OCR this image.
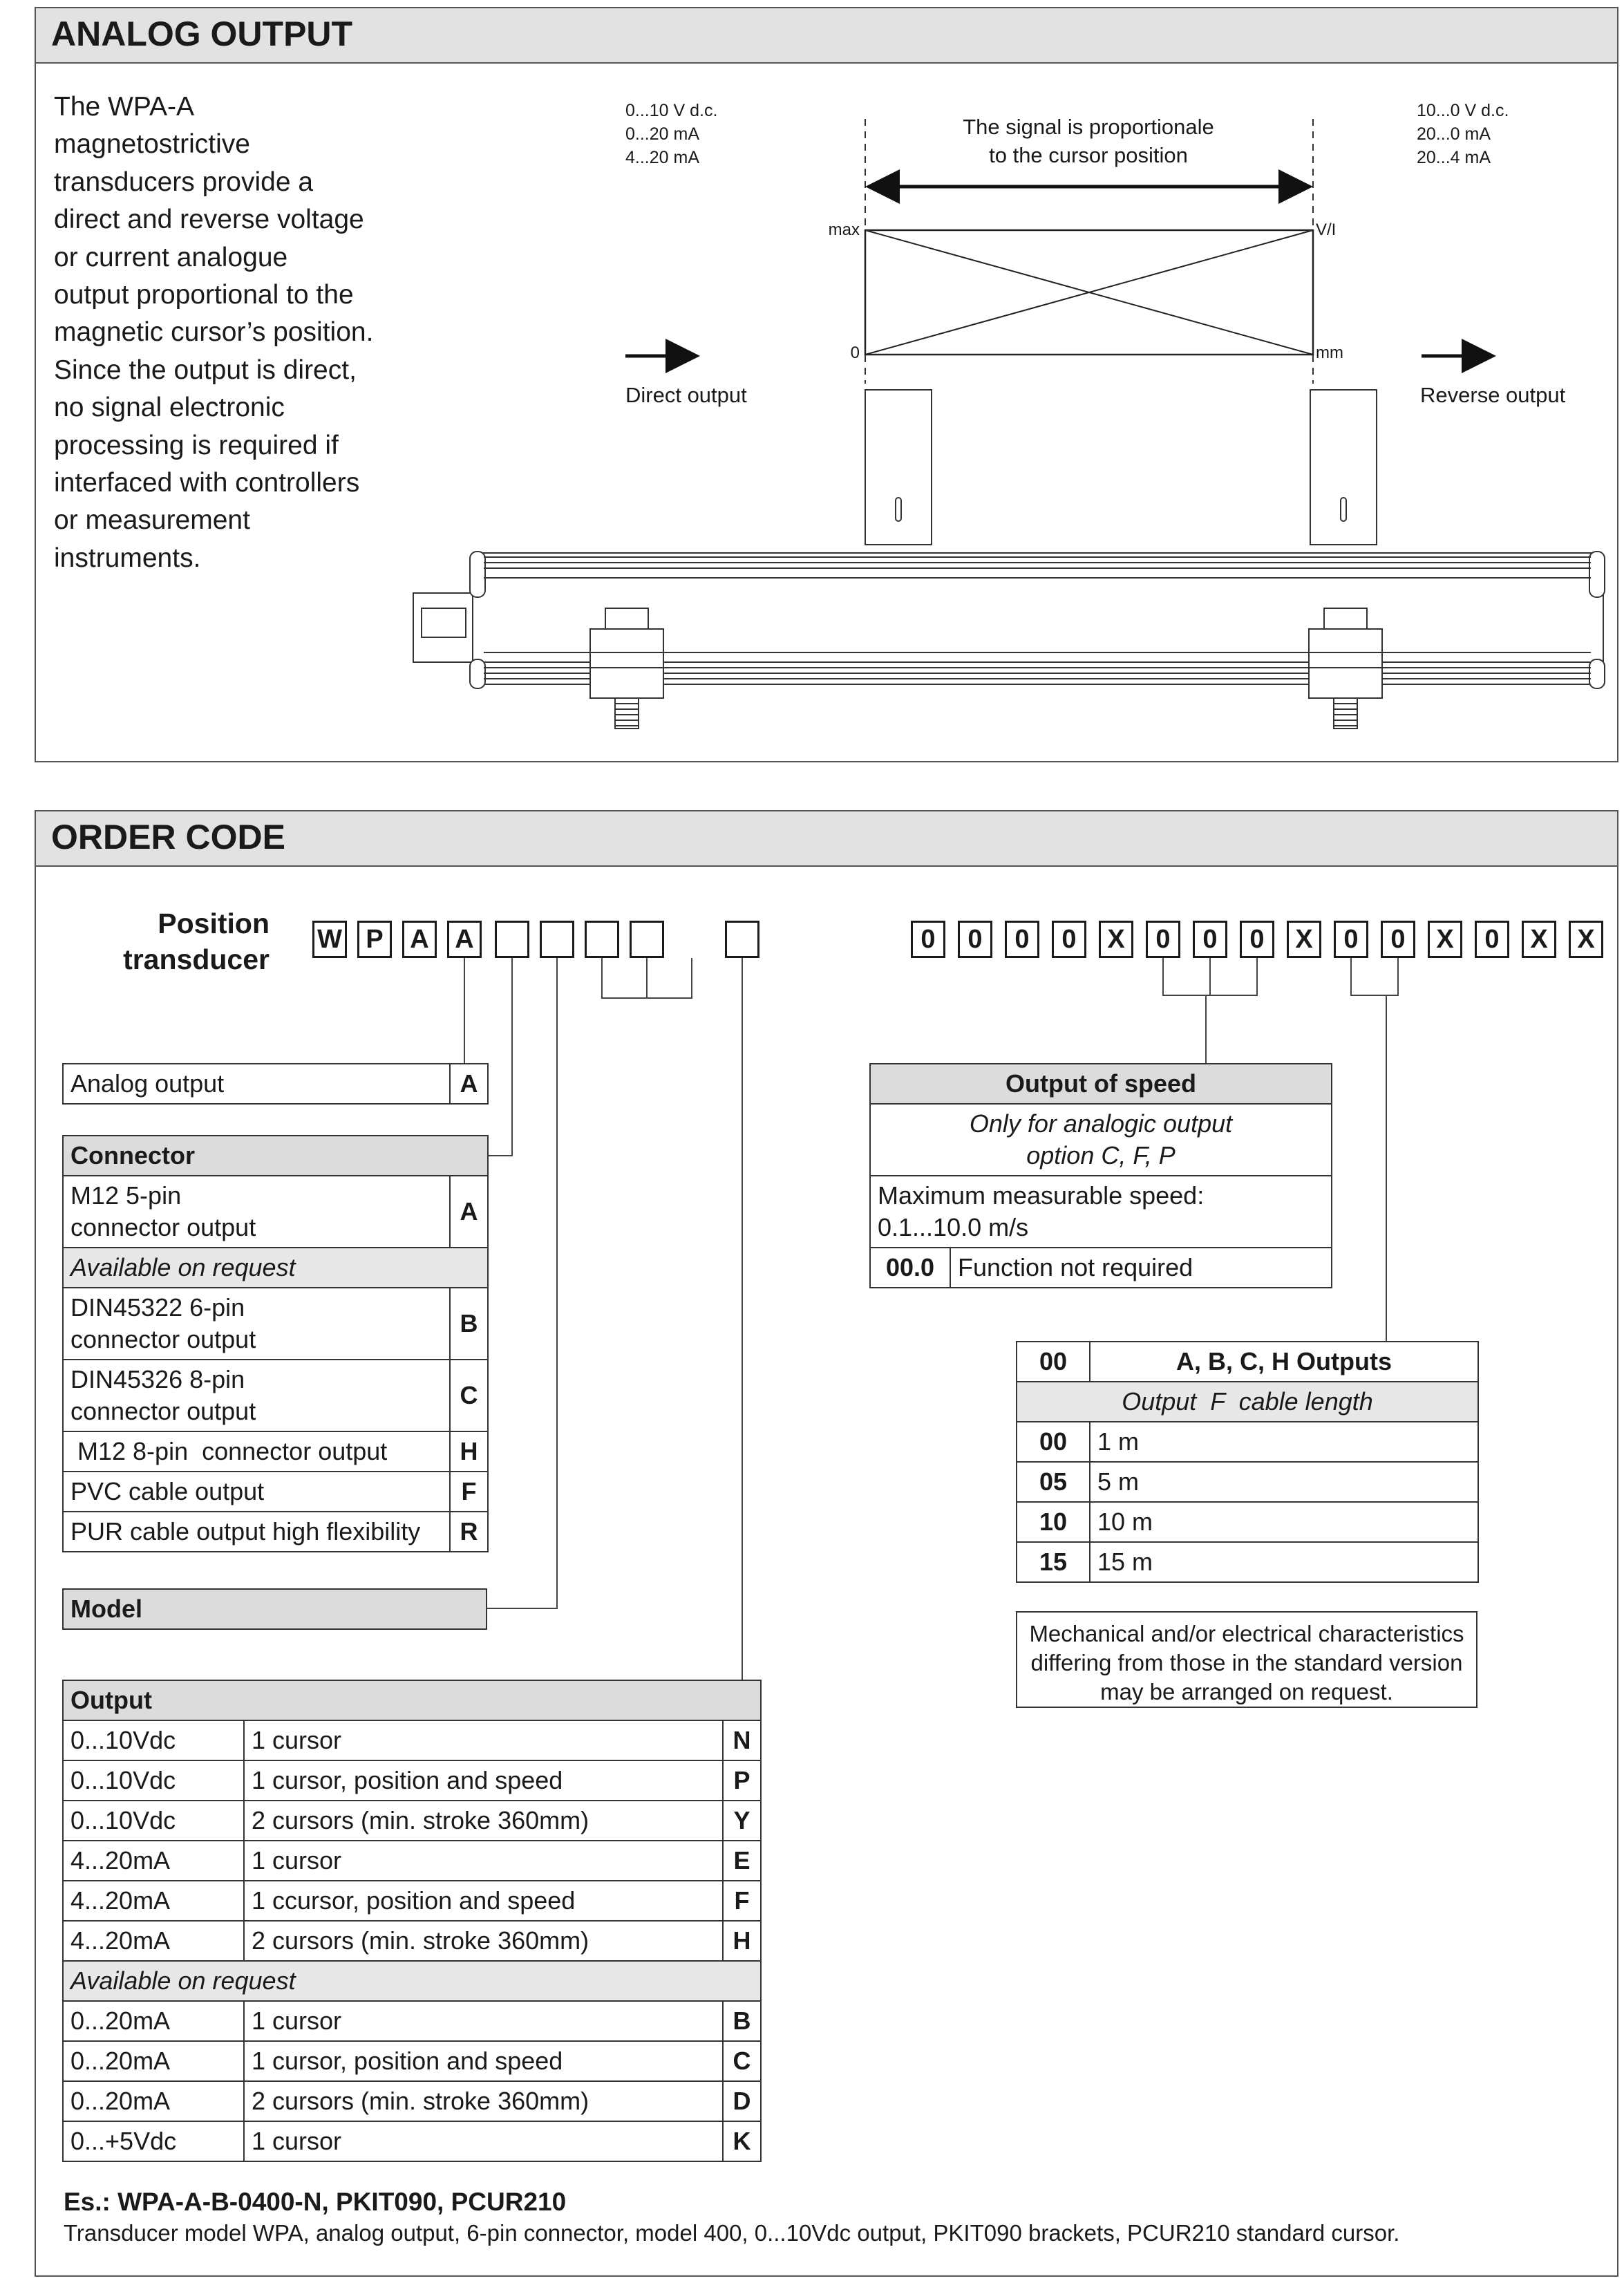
ANALOG OUTPUT
The WPA-A
magnetostrictive
transducers provide a
direct and reverse voltage
or current analogue
output proportional to the
magnetic cursor’s position.
Since the output is direct,
no signal electronic
processing is required if
interfaced with controllers
or measurement
instruments.
0...10 V d.c.
0...20 mA
4...20 mA
10...0 V d.c.
20...0 mA
20...4 mA
The signal is proportionale
to the cursor position
max
0
V/I
mm
Direct output	Reverse output
ORDER CODE
Position
transducer
W P	A A	0	0	0	0	X	0	0	0	X	0	0	X	0	X	X
Analog output	A
Connector	

M12 5-pin
connector output	A
Available on request	

DIN45322 6-pin
connector output	B

DIN45326 8-pin
connector output	C
M12 8-pin  connector output	H
PVC cable output	F
PUR cable output high flexibility	R
Model
Output		
0...10Vdc	1 cursor	N
0...10Vdc	1 cursor, position and speed	P
0...10Vdc	2 cursors (min. stroke 360mm)	Y
4...20mA	1 cursor	E
4...20mA	1 ccursor, position and speed	F
4...20mA	2 cursors (min. stroke 360mm)	H
Available on request		
0...20mA	1 cursor	B
0...20mA	1 cursor, position and speed	C
0...20mA	2 cursors (min. stroke 360mm)	D
0...+5Vdc	1 cursor	K
Output of speed

Only for analogic output
option C, F, P

Maximum measurable speed:
0.1...10.0 m/s

00.0	Function not required
00	A, B, C, H Outputs
Output  F  cable length	
00	1 m
05	5 m
10	10 m
15	15 m
Mechanical and/or electrical characteristics
differing from those in the standard version
may be arranged on request.
Es.: WPA-A-B-0400-N, PKIT090, PCUR210
Transducer model WPA, analog output, 6-pin connector, model 400, 0...10Vdc output, PKIT090 brackets, PCUR210 standard cursor.
